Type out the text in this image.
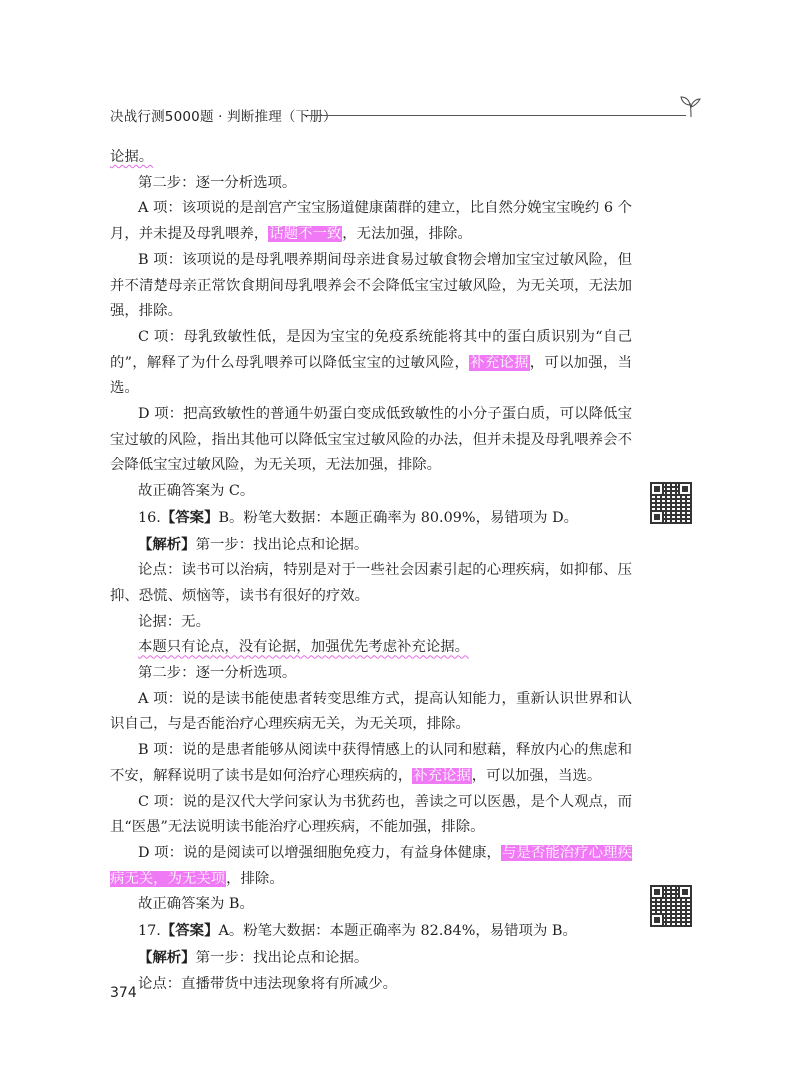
决战行测5000题 · 判断推理（下册）

论据。

第二步：逐一分析选项。

A 项：该项说的是剖宫产宝宝肠道健康菌群的建立，比自然分娩宝宝晚约 6 个月，并未提及母乳喂养，话题不一致，无法加强，排除。

B 项：该项说的是母乳喂养期间母亲进食易过敏食物会增加宝宝过敏风险，但并不清楚母亲正常饮食期间母乳喂养会不会降低宝宝过敏风险，为无关项，无法加强，排除。

C 项：母乳致敏性低，是因为宝宝的免疫系统能将其中的蛋白质识别为“自己的”，解释了为什么母乳喂养可以降低宝宝的过敏风险，补充论据，可以加强，当选。

D 项：把高致敏性的普通牛奶蛋白变成低致敏性的小分子蛋白质，可以降低宝宝过敏的风险，指出其他可以降低宝宝过敏风险的办法，但并未提及母乳喂养会不会降低宝宝过敏风险，为无关项，无法加强，排除。

故正确答案为 C。

16.【答案】B。粉笔大数据：本题正确率为 80.09%，易错项为 D。

【解析】第一步：找出论点和论据。

论点：读书可以治病，特别是对于一些社会因素引起的心理疾病，如抑郁、压抑、恐慌、烦恼等，读书有很好的疗效。

论据：无。

本题只有论点，没有论据，加强优先考虑补充论据。

第二步：逐一分析选项。

A 项：说的是读书能使患者转变思维方式，提高认知能力，重新认识世界和认识自己，与是否能治疗心理疾病无关，为无关项，排除。

B 项：说的是患者能够从阅读中获得情感上的认同和慰藉，释放内心的焦虑和不安，解释说明了读书是如何治疗心理疾病的，补充论据，可以加强，当选。

C 项：说的是汉代大学问家认为书犹药也，善读之可以医愚，是个人观点，而且“医愚”无法说明读书能治疗心理疾病，不能加强，排除。

D 项：说的是阅读可以增强细胞免疫力，有益身体健康，与是否能治疗心理疾病无关，为无关项，排除。

故正确答案为 B。

17.【答案】A。粉笔大数据：本题正确率为 82.84%，易错项为 B。

【解析】第一步：找出论点和论据。

论点：直播带货中违法现象将有所减少。

374
